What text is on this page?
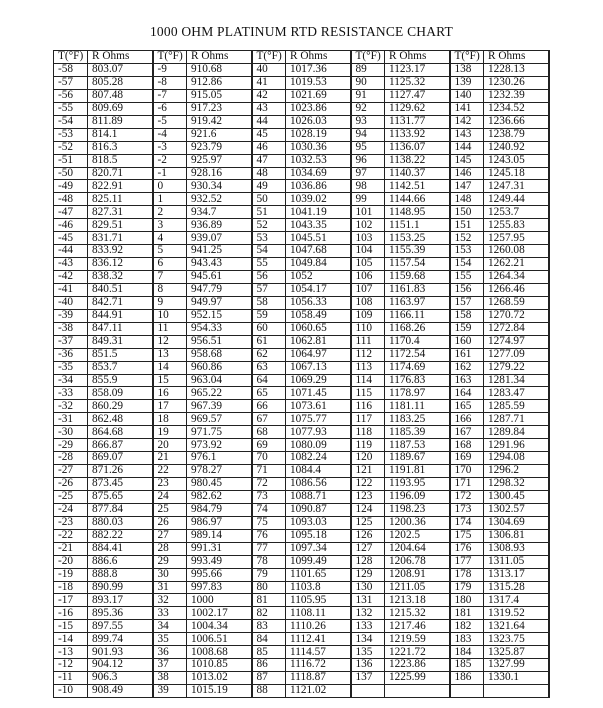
1000 OHM PLATINUM RTD RESISTANCE CHART
T(°F)	R Ohms	T(°F)	R Ohms	T(°F)	R Ohms	T(°F)	R Ohms	T(°F)	R Ohms
-58	803.07	-9	910.68	40	1017.36	89	1123.17	138	1228.13
-57	805.28	-8	912.86	41	1019.53	90	1125.32	139	1230.26
-56	807.48	-7	915.05	42	1021.69	91	1127.47	140	1232.39
-55	809.69	-6	917.23	43	1023.86	92	1129.62	141	1234.52
-54	811.89	-5	919.42	44	1026.03	93	1131.77	142	1236.66
-53	814.1	-4	921.6	45	1028.19	94	1133.92	143	1238.79
-52	816.3	-3	923.79	46	1030.36	95	1136.07	144	1240.92
-51	818.5	-2	925.97	47	1032.53	96	1138.22	145	1243.05
-50	820.71	-1	928.16	48	1034.69	97	1140.37	146	1245.18
-49	822.91	0	930.34	49	1036.86	98	1142.51	147	1247.31
-48	825.11	1	932.52	50	1039.02	99	1144.66	148	1249.44
-47	827.31	2	934.7	51	1041.19	101	1148.95	150	1253.7
-46	829.51	3	936.89	52	1043.35	102	1151.1	151	1255.83
-45	831.71	4	939.07	53	1045.51	103	1153.25	152	1257.95
-44	833.92	5	941.25	54	1047.68	104	1155.39	153	1260.08
-43	836.12	6	943.43	55	1049.84	105	1157.54	154	1262.21
-42	838.32	7	945.61	56	1052	106	1159.68	155	1264.34
-41	840.51	8	947.79	57	1054.17	107	1161.83	156	1266.46
-40	842.71	9	949.97	58	1056.33	108	1163.97	157	1268.59
-39	844.91	10	952.15	59	1058.49	109	1166.11	158	1270.72
-38	847.11	11	954.33	60	1060.65	110	1168.26	159	1272.84
-37	849.31	12	956.51	61	1062.81	111	1170.4	160	1274.97
-36	851.5	13	958.68	62	1064.97	112	1172.54	161	1277.09
-35	853.7	14	960.86	63	1067.13	113	1174.69	162	1279.22
-34	855.9	15	963.04	64	1069.29	114	1176.83	163	1281.34
-33	858.09	16	965.22	65	1071.45	115	1178.97	164	1283.47
-32	860.29	17	967.39	66	1073.61	116	1181.11	165	1285.59
-31	862.48	18	969.57	67	1075.77	117	1183.25	166	1287.71
-30	864.68	19	971.75	68	1077.93	118	1185.39	167	1289.84
-29	866.87	20	973.92	69	1080.09	119	1187.53	168	1291.96
-28	869.07	21	976.1	70	1082.24	120	1189.67	169	1294.08
-27	871.26	22	978.27	71	1084.4	121	1191.81	170	1296.2
-26	873.45	23	980.45	72	1086.56	122	1193.95	171	1298.32
-25	875.65	24	982.62	73	1088.71	123	1196.09	172	1300.45
-24	877.84	25	984.79	74	1090.87	124	1198.23	173	1302.57
-23	880.03	26	986.97	75	1093.03	125	1200.36	174	1304.69
-22	882.22	27	989.14	76	1095.18	126	1202.5	175	1306.81
-21	884.41	28	991.31	77	1097.34	127	1204.64	176	1308.93
-20	886.6	29	993.49	78	1099.49	128	1206.78	177	1311.05
-19	888.8	30	995.66	79	1101.65	129	1208.91	178	1313.17
-18	890.99	31	997.83	80	1103.8	130	1211.05	179	1315.28
-17	893.17	32	1000	81	1105.95	131	1213.18	180	1317.4
-16	895.36	33	1002.17	82	1108.11	132	1215.32	181	1319.52
-15	897.55	34	1004.34	83	1110.26	133	1217.46	182	1321.64
-14	899.74	35	1006.51	84	1112.41	134	1219.59	183	1323.75
-13	901.93	36	1008.68	85	1114.57	135	1221.72	184	1325.87
-12	904.12	37	1010.85	86	1116.72	136	1223.86	185	1327.99
-11	906.3	38	1013.02	87	1118.87	137	1225.99	186	1330.1
-10	908.49	39	1015.19	88	1121.02				
